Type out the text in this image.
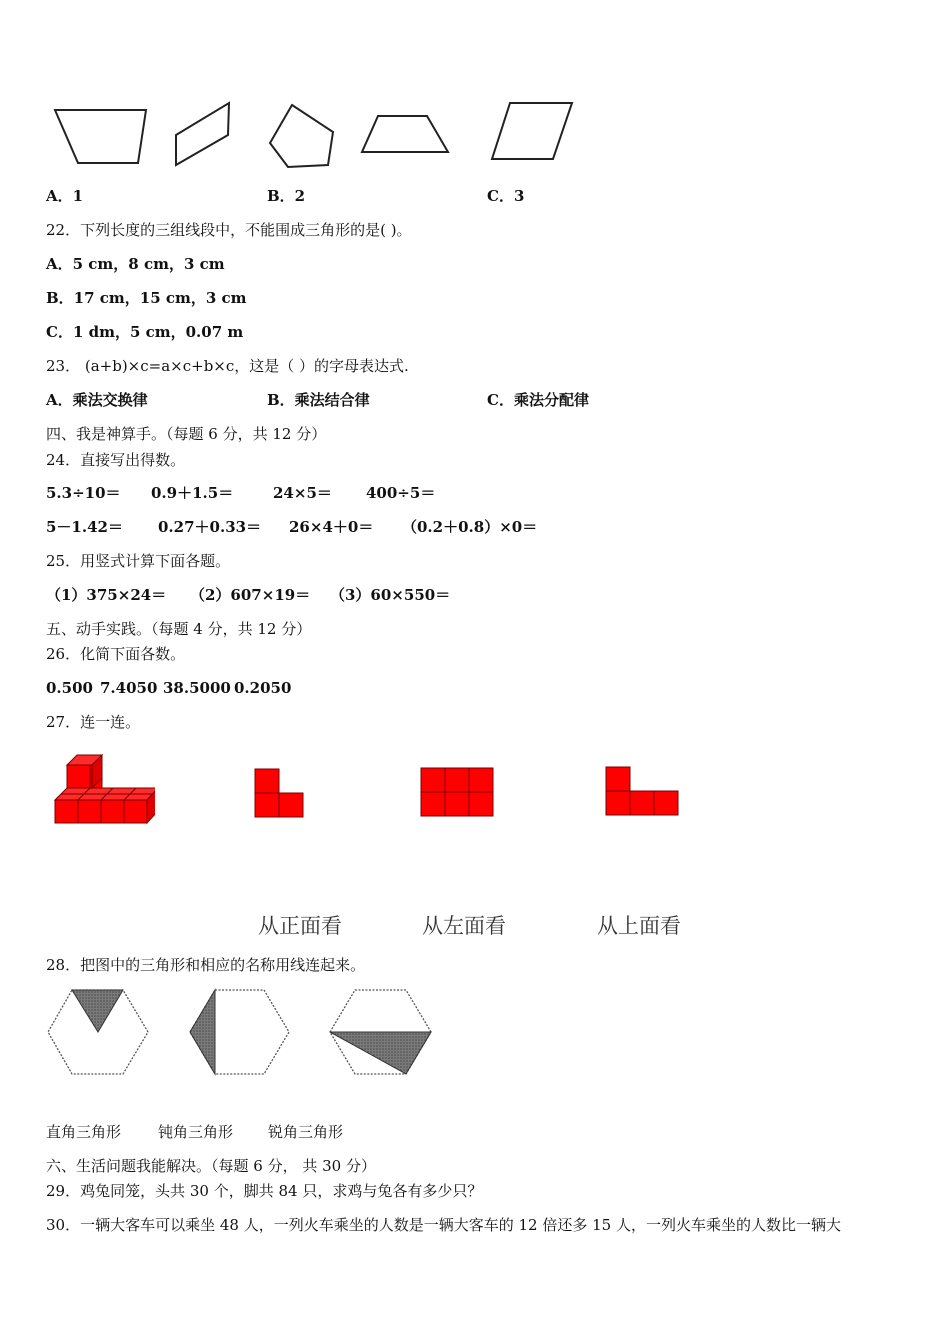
A．1	B．2	C．3
22．下列长度的三组线段中，不能围成三角形的是( )。
A．5 cm，8 cm，3 cm
B．17 cm，15 cm，3 cm
C．1 dm，5 cm，0.07 m
23． (a+b)×c=a×c+b×c，这是（ ）的字母表达式.
A．乘法交换律	B．乘法结合律	C．乘法分配律
四、我是神算手。（每题 6 分，共 12 分）
24．直接写出得数。
5.3÷10＝ 0.9＋1.5＝	24×5＝ 400÷5＝
5－1.42＝ 0.27＋0.33＝ 26×4＋0＝ （0.2＋0.8）×0＝
25．用竖式计算下面各题。
（1）375×24＝ （2）607×19＝ （3）60×550＝
五、动手实践。（每题 4 分，共 12 分）
26．化简下面各数。
0.500 7.4050 38.5000 0.2050
27．连一连。
从正面看	从左面看	从上面看
28．把图中的三角形和相应的名称用线连起来。
直角三角形 钝角三角形 锐角三角形
六、生活问题我能解决。（每题 6 分， 共 30 分）
29．鸡兔同笼，头共 30 个，脚共 84 只，求鸡与兔各有多少只？
30．一辆大客车可以乘坐 48 人，一列火车乘坐的人数是一辆大客车的 12 倍还多 15 人，一列火车乘坐的人数比一辆大
